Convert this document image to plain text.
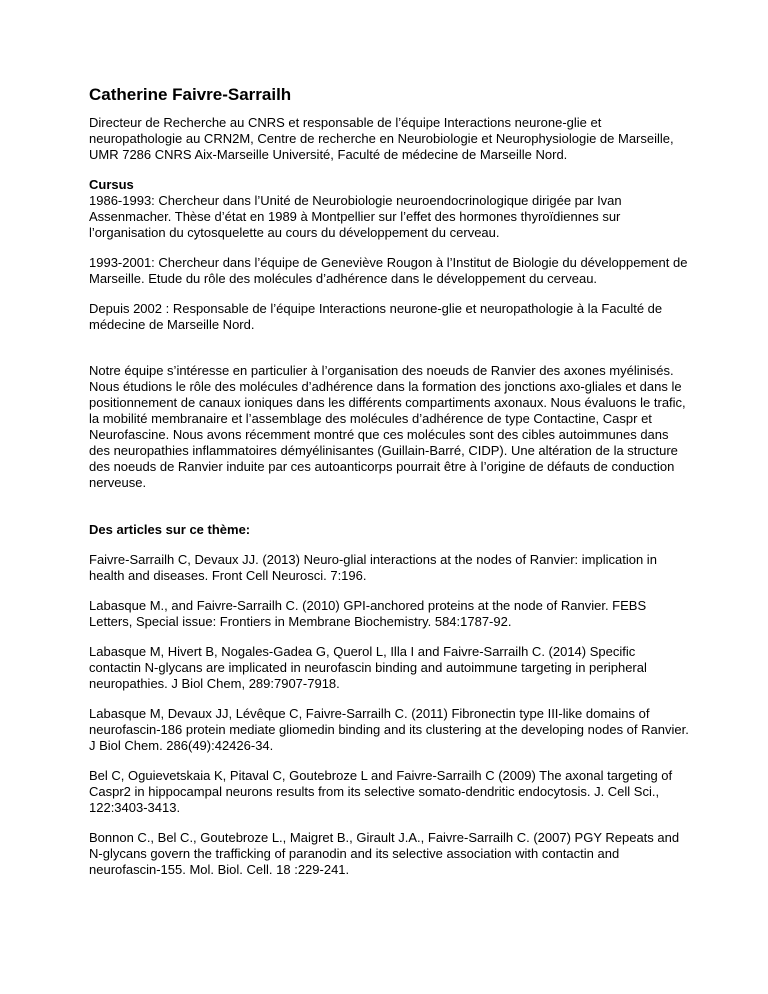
Catherine Faivre-Sarrailh

Directeur de Recherche au CNRS et responsable de l’équipe Interactions neurone-glie et neuropathologie au CRN2M, Centre de recherche en Neurobiologie et Neurophysiologie de Marseille, UMR 7286 CNRS Aix-Marseille Université, Faculté de médecine de Marseille Nord.

Cursus

1986-1993: Chercheur dans l’Unité de Neurobiologie neuroendocrinologique dirigée par Ivan Assenmacher. Thèse d’état en 1989 à Montpellier sur l’effet des hormones thyroïdiennes sur l’organisation du cytosquelette au cours du développement du cerveau.

1993-2001: Chercheur dans l’équipe de Geneviève Rougon à l’Institut de Biologie du développement de Marseille. Etude du rôle des molécules d’adhérence dans le développement du cerveau.

Depuis 2002 : Responsable de l’équipe Interactions neurone-glie et neuropathologie à la Faculté de médecine de Marseille Nord.

Notre équipe s’intéresse en particulier à l’organisation des noeuds de Ranvier des axones myélinisés. Nous étudions le rôle des molécules d’adhérence dans la formation des jonctions axo-gliales et dans le positionnement de canaux ioniques dans les différents compartiments axonaux. Nous évaluons le trafic, la mobilité membranaire et l’assemblage des molécules d’adhérence de type Contactine, Caspr et Neurofascine. Nous avons récemment montré que ces molécules sont des cibles autoimmunes dans des neuropathies inflammatoires démyélinisantes (Guillain-Barré, CIDP). Une altération de la structure des noeuds de Ranvier induite par ces autoanticorps pourrait être à l’origine de défauts de conduction nerveuse.

Des articles sur ce thème:

Faivre-Sarrailh C, Devaux JJ. (2013) Neuro-glial interactions at the nodes of Ranvier: implication in health and diseases. Front Cell Neurosci. 7:196.

Labasque M., and Faivre-Sarrailh C. (2010) GPI-anchored proteins at the node of Ranvier. FEBS Letters, Special issue: Frontiers in Membrane Biochemistry. 584:1787-92.

Labasque M, Hivert B, Nogales-Gadea G, Querol L, Illa I and Faivre-Sarrailh C. (2014) Specific contactin N-glycans are implicated in neurofascin binding and autoimmune targeting in peripheral neuropathies. J Biol Chem, 289:7907-7918.

Labasque M, Devaux JJ, Lévêque C, Faivre-Sarrailh C. (2011) Fibronectin type III-like domains of neurofascin-186 protein mediate gliomedin binding and its clustering at the developing nodes of Ranvier. J Biol Chem. 286(49):42426-34.

Bel C, Oguievetskaia K, Pitaval C, Goutebroze L and Faivre-Sarrailh C (2009) The axonal targeting of Caspr2 in hippocampal neurons results from its selective somato-dendritic endocytosis. J. Cell Sci., 122:3403-3413.

Bonnon C., Bel C., Goutebroze L., Maigret B., Girault J.A., Faivre-Sarrailh C. (2007) PGY Repeats and N-glycans govern the trafficking of paranodin and its selective association with contactin and neurofascin-155. Mol. Biol. Cell. 18 :229-241.
